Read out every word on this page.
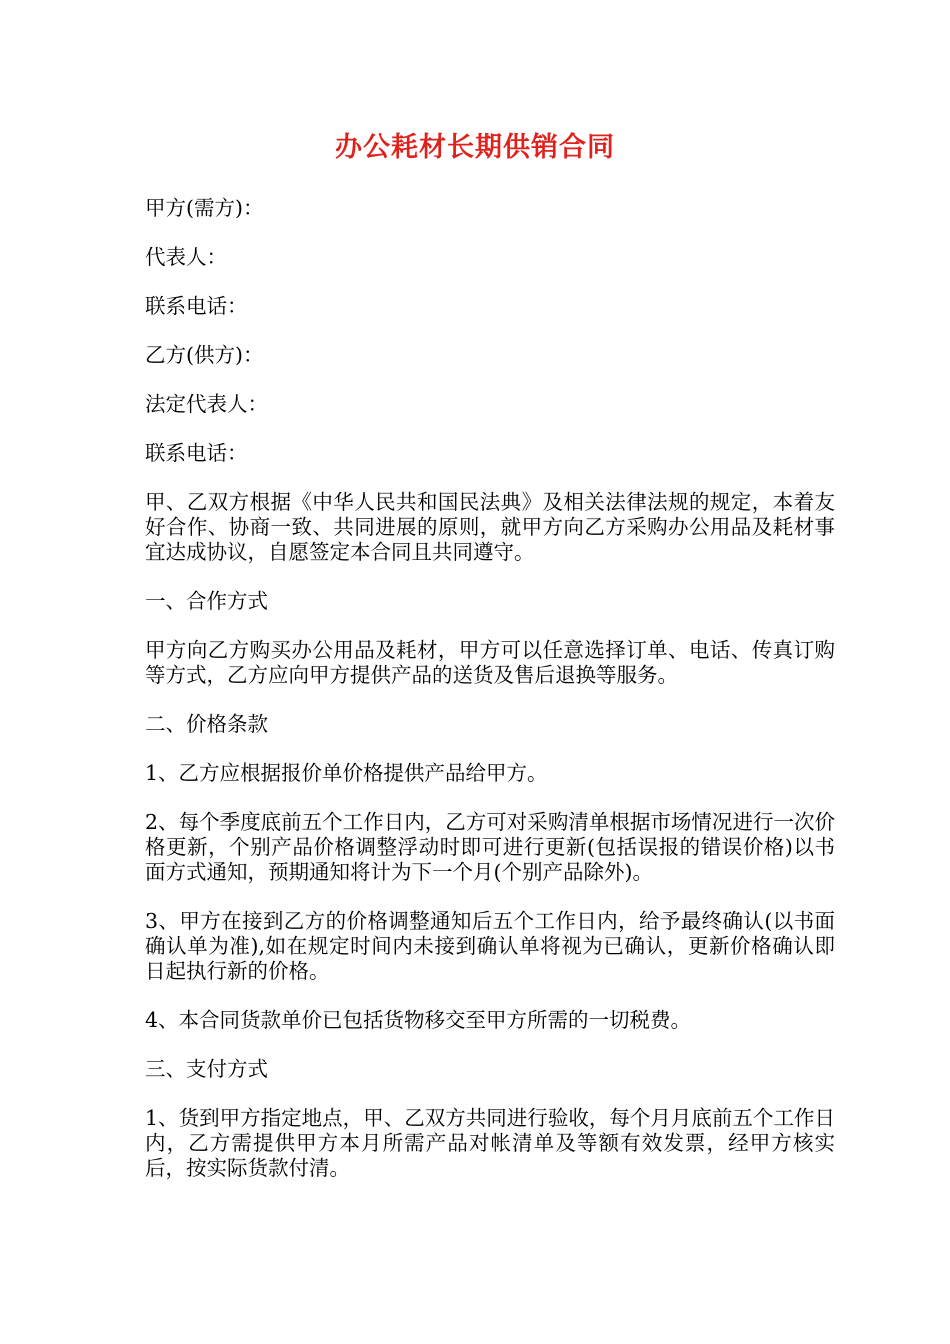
办公耗材长期供销合同

甲方(需方)：

代表人：

联系电话：

乙方(供方)：

法定代表人：

联系电话：

甲、乙双方根据《中华人民共和国民法典》及相关法律法规的规定，本着友好合作、协商一致、共同进展的原则，就甲方向乙方采购办公用品及耗材事宜达成协议，自愿签定本合同且共同遵守。

一、合作方式

甲方向乙方购买办公用品及耗材，甲方可以任意选择订单、电话、传真订购等方式，乙方应向甲方提供产品的送货及售后退换等服务。

二、价格条款

1、乙方应根据报价单价格提供产品给甲方。

2、每个季度底前五个工作日内，乙方可对采购清单根据市场情况进行一次价格更新，个别产品价格调整浮动时即可进行更新(包括误报的错误价格)以书面方式通知，预期通知将计为下一个月(个别产品除外)。

3、甲方在接到乙方的价格调整通知后五个工作日内，给予最终确认(以书面确认单为准),如在规定时间内未接到确认单将视为已确认，更新价格确认即日起执行新的价格。

4、本合同货款单价已包括货物移交至甲方所需的一切税费。

三、支付方式

1、货到甲方指定地点，甲、乙双方共同进行验收，每个月月底前五个工作日内，乙方需提供甲方本月所需产品对帐清单及等额有效发票，经甲方核实后，按实际货款付清。
